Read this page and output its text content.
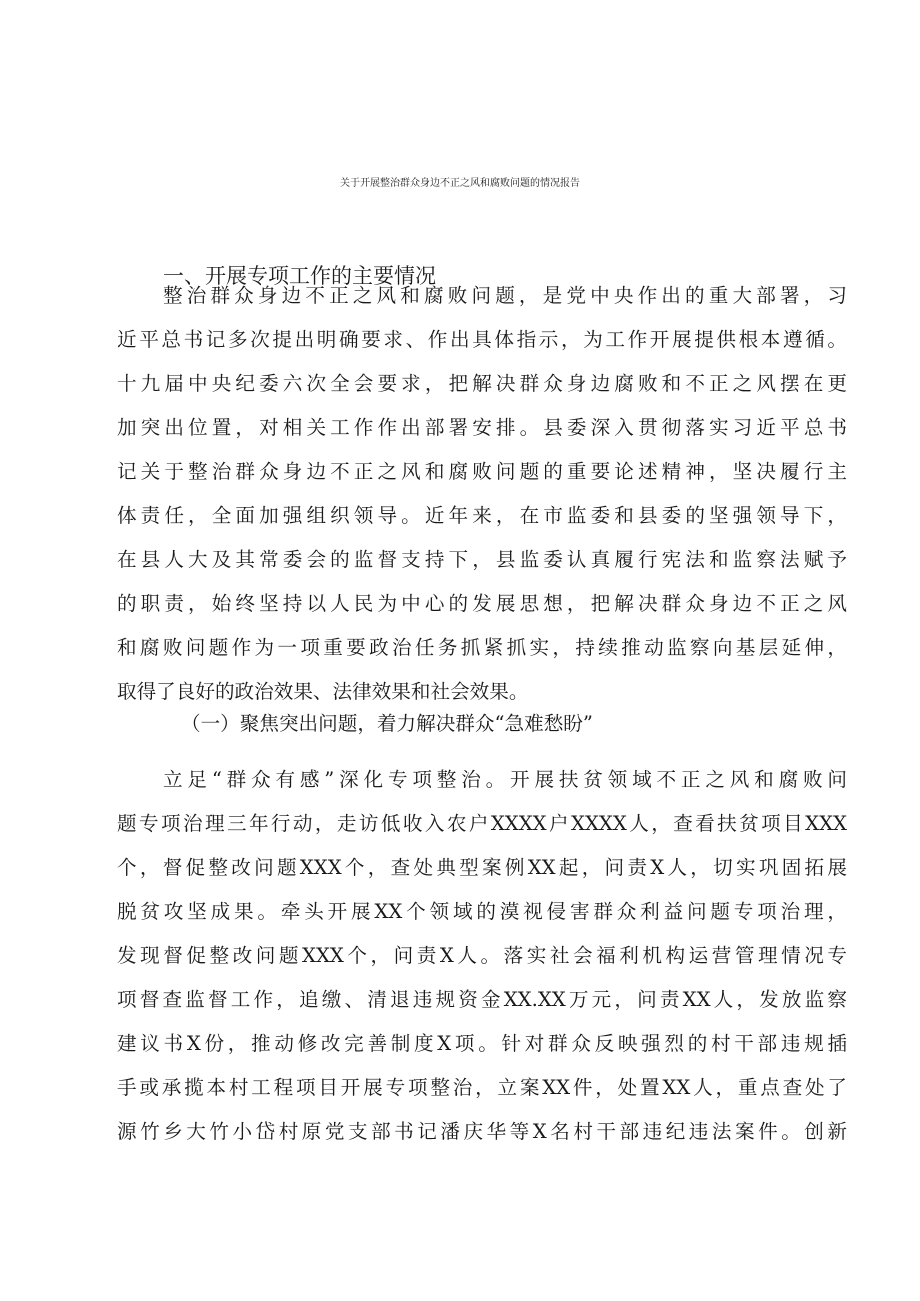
关于开展整治群众身边不正之风和腐败问题的情况报告
一、开展专项工作的主要情况
整治群众身边不正之风和腐败问题，是党中央作出的重大部署，习
近平总书记多次提出明确要求、作出具体指示，为工作开展提供根本遵循。
十九届中央纪委六次全会要求，把解决群众身边腐败和不正之风摆在更
加突出位置，对相关工作作出部署安排。县委深入贯彻落实习近平总书
记关于整治群众身边不正之风和腐败问题的重要论述精神，坚决履行主
体责任，全面加强组织领导。近年来，在市监委和县委的坚强领导下，
在县人大及其常委会的监督支持下，县监委认真履行宪法和监察法赋予
的职责，始终坚持以人民为中心的发展思想，把解决群众身边不正之风
和腐败问题作为一项重要政治任务抓紧抓实，持续推动监察向基层延伸，
取得了良好的政治效果、法律效果和社会效果。
（一）聚焦突出问题，着力解决群众“急难愁盼”
立足“群众有感”深化专项整治。开展扶贫领域不正之风和腐败问
题专项治理三年行动，走访低收入农户XXXX户XXXX人，查看扶贫项目XXX
个，督促整改问题XXX个，查处典型案例XX起，问责X人，切实巩固拓展
脱贫攻坚成果。牵头开展XX个领域的漠视侵害群众利益问题专项治理，
发现督促整改问题XXX个，问责X人。落实社会福利机构运营管理情况专
项督查监督工作，追缴、清退违规资金XX.XX万元，问责XX人，发放监察
建议书X份，推动修改完善制度X项。针对群众反映强烈的村干部违规插
手或承揽本村工程项目开展专项整治，立案XX件，处置XX人，重点查处了
源竹乡大竹小岱村原党支部书记潘庆华等X名村干部违纪违法案件。创新
